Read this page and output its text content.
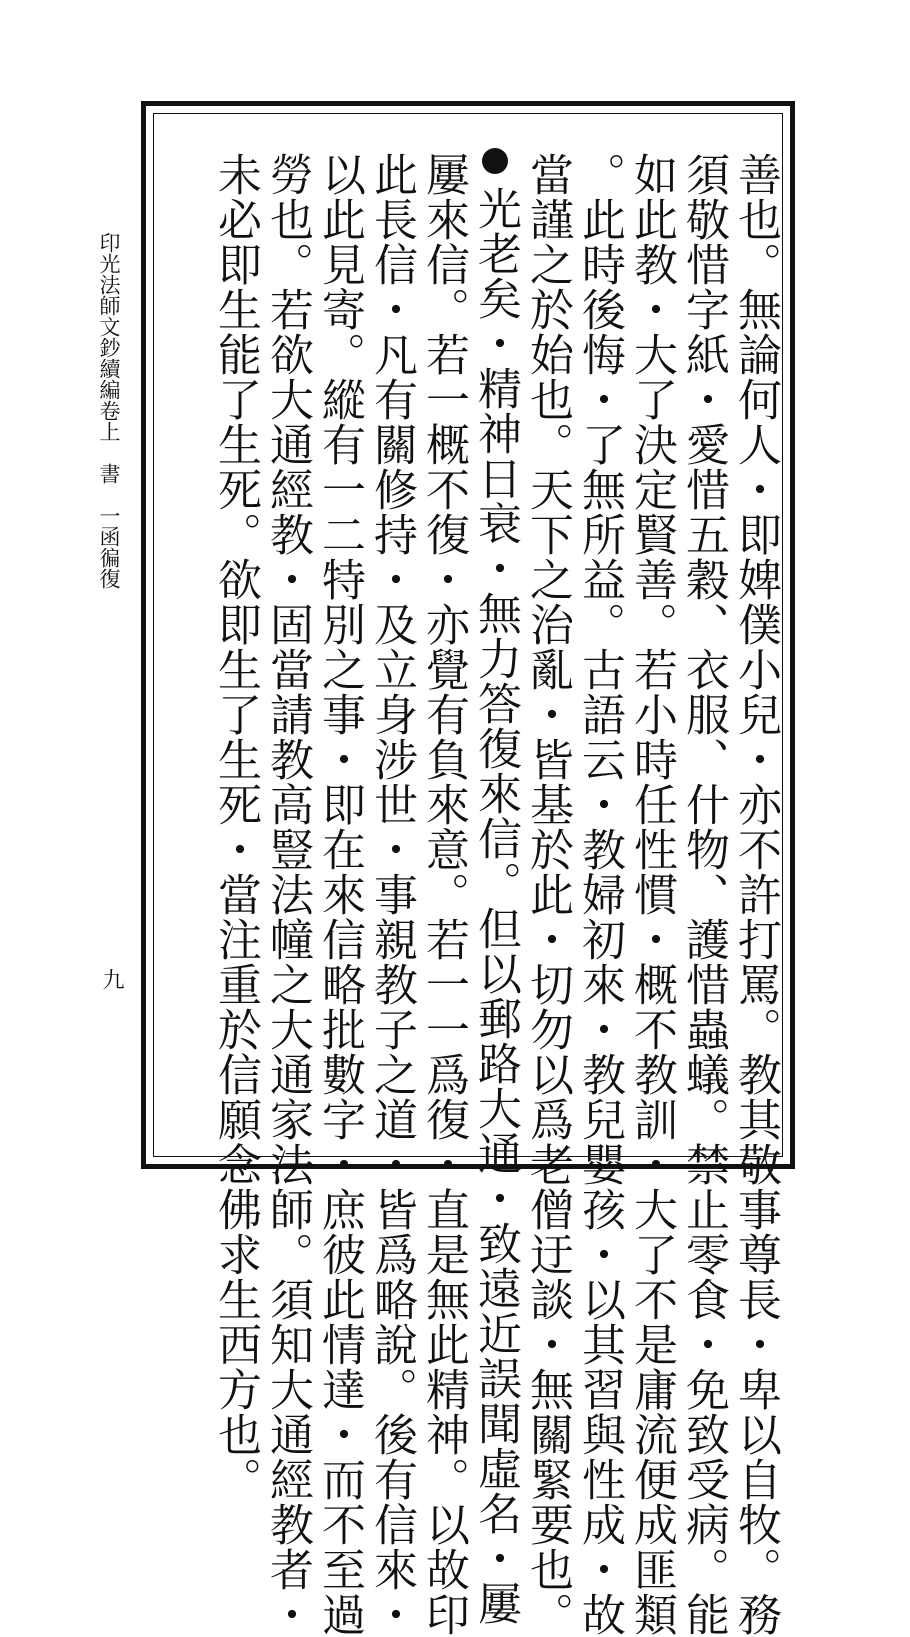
印光法師文鈔續編卷上　書　一函徧復
九	善也。無論何人・即婢僕小兒・亦不許打罵。教其敬事尊長・卑以自牧。務
須敬惜字紙・愛惜五穀、衣服、什物、護惜蟲蟻。禁止零食・免致受病。能
如此教・大了決定賢善。若小時任性慣・概不教訓・大了不是庸流便成匪類
。此時後悔・了無所益。古語云・教婦初來・教兒嬰孩・以其習與性成・故
當謹之於始也。天下之治亂・皆基於此・切勿以爲老僧迂談・無關緊要也。
光老矣・精神日衰・無力答復來信。但以郵路大通・致遠近誤聞虛名・屢
屢來信。若一概不復・亦覺有負來意。若一一爲復・直是無此精神。以故印
此長信・凡有關修持・及立身涉世・事親教子之道・皆爲略說。後有信來・
以此見寄。縱有一二特別之事・即在來信略批數字・庶彼此情達・而不至過
勞也。若欲大通經教・固當請教高豎法幢之大通家法師。須知大通經教者・
未必即生能了生死。欲即生了生死・當注重於信願念佛求生西方也。
